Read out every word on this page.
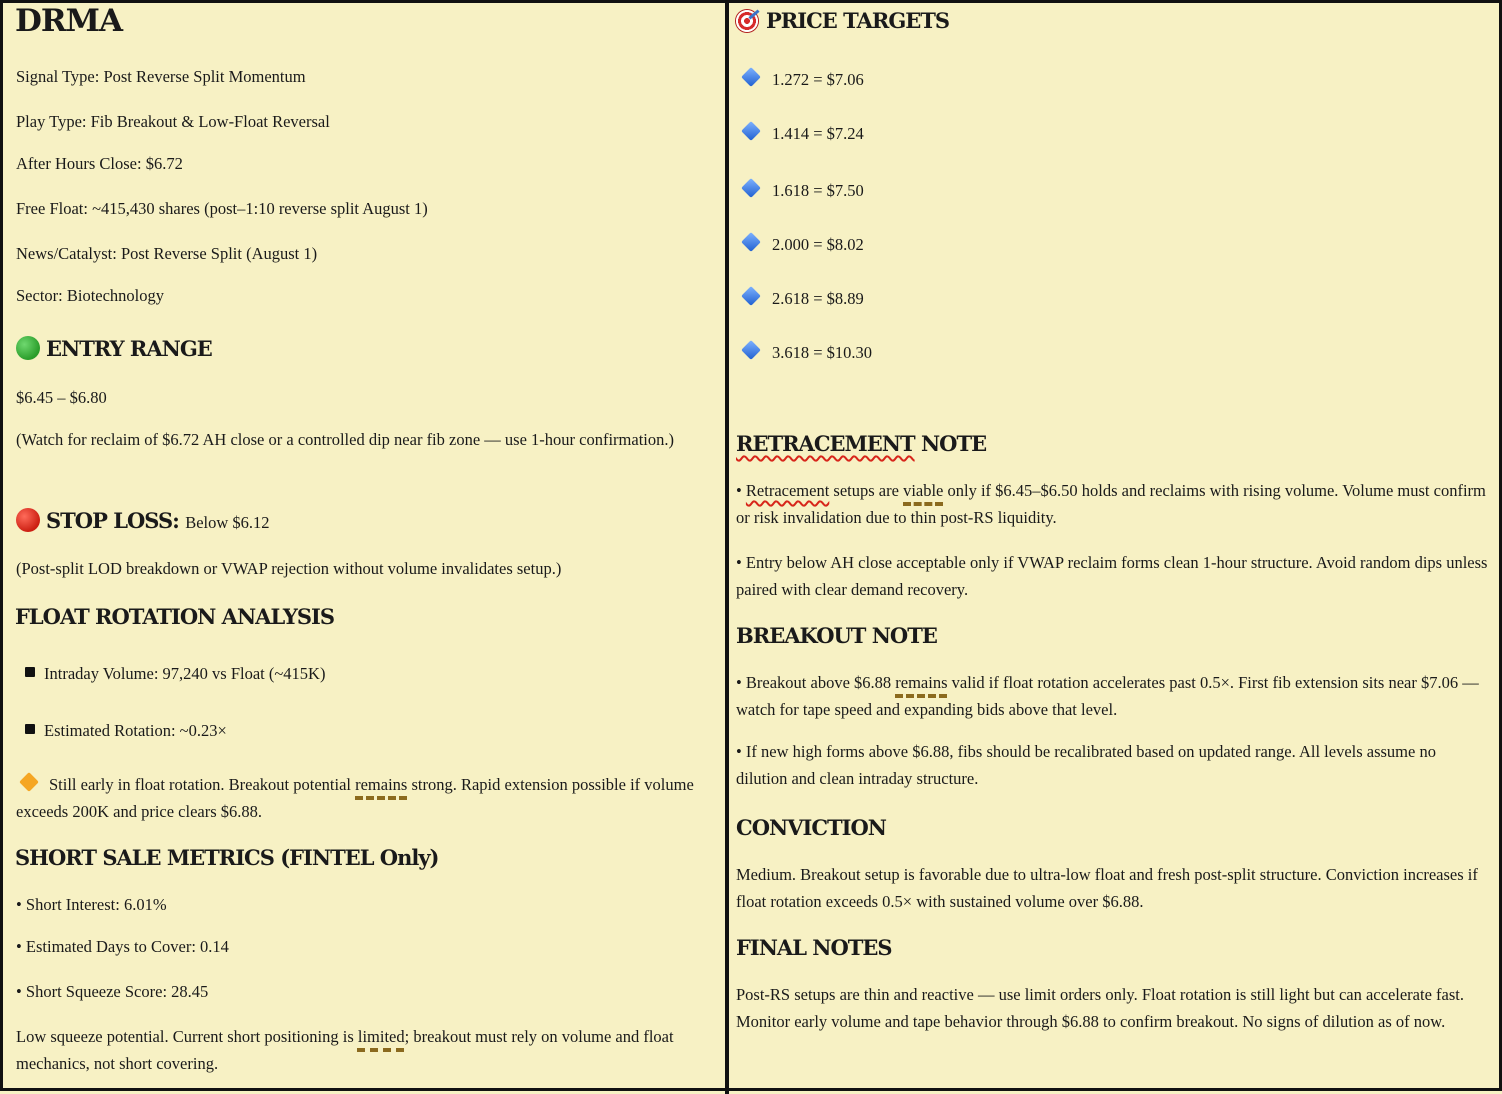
DRMA

Signal Type: Post Reverse Split Momentum

Play Type: Fib Breakout & Low-Float Reversal

After Hours Close: $6.72

Free Float: ~415,430 shares (post–1:10 reverse split August 1)

News/Catalyst: Post Reverse Split (August 1)

Sector: Biotechnology

ENTRY RANGE

$6.45 – $6.80

(Watch for reclaim of $6.72 AH close or a controlled dip near fib zone — use 1-hour confirmation.)

STOP LOSS: Below $6.12

(Post-split LOD breakdown or VWAP rejection without volume invalidates setup.)

FLOAT ROTATION ANALYSIS

Intraday Volume: 97,240 vs Float (~415K)

Estimated Rotation: ~0.23×

Still early in float rotation. Breakout potential remains strong. Rapid extension possible if volume exceeds 200K and price clears $6.88.

SHORT SALE METRICS (FINTEL Only)

• Short Interest: 6.01%

• Estimated Days to Cover: 0.14

• Short Squeeze Score: 28.45

Low squeeze potential. Current short positioning is limited; breakout must rely on volume and float mechanics, not short covering.

PRICE TARGETS

1.272 = $7.06

1.414 = $7.24

1.618 = $7.50

2.000 = $8.02

2.618 = $8.89

3.618 = $10.30

RETRACEMENT NOTE

• Retracement setups are viable only if $6.45–$6.50 holds and reclaims with rising volume. Volume must confirm or risk invalidation due to thin post-RS liquidity.

• Entry below AH close acceptable only if VWAP reclaim forms clean 1-hour structure. Avoid random dips unless paired with clear demand recovery.

BREAKOUT NOTE

• Breakout above $6.88 remains valid if float rotation accelerates past 0.5×. First fib extension sits near $7.06 — watch for tape speed and expanding bids above that level.

• If new high forms above $6.88, fibs should be recalibrated based on updated range. All levels assume no dilution and clean intraday structure.

CONVICTION

Medium. Breakout setup is favorable due to ultra-low float and fresh post-split structure. Conviction increases if float rotation exceeds 0.5× with sustained volume over $6.88.

FINAL NOTES

Post-RS setups are thin and reactive — use limit orders only. Float rotation is still light but can accelerate fast. Monitor early volume and tape behavior through $6.88 to confirm breakout. No signs of dilution as of now.
